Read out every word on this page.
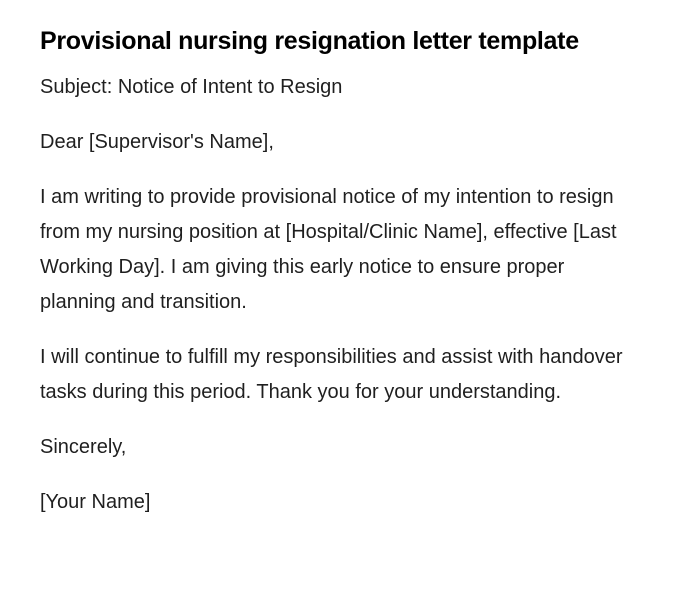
Provisional nursing resignation letter template

Subject: Notice of Intent to Resign

Dear [Supervisor's Name],

I am writing to provide provisional notice of my intention to resign from my nursing position at [Hospital/Clinic Name], effective [Last Working Day]. I am giving this early notice to ensure proper planning and transition.

I will continue to fulfill my responsibilities and assist with handover tasks during this period. Thank you for your understanding.

Sincerely,

[Your Name]
